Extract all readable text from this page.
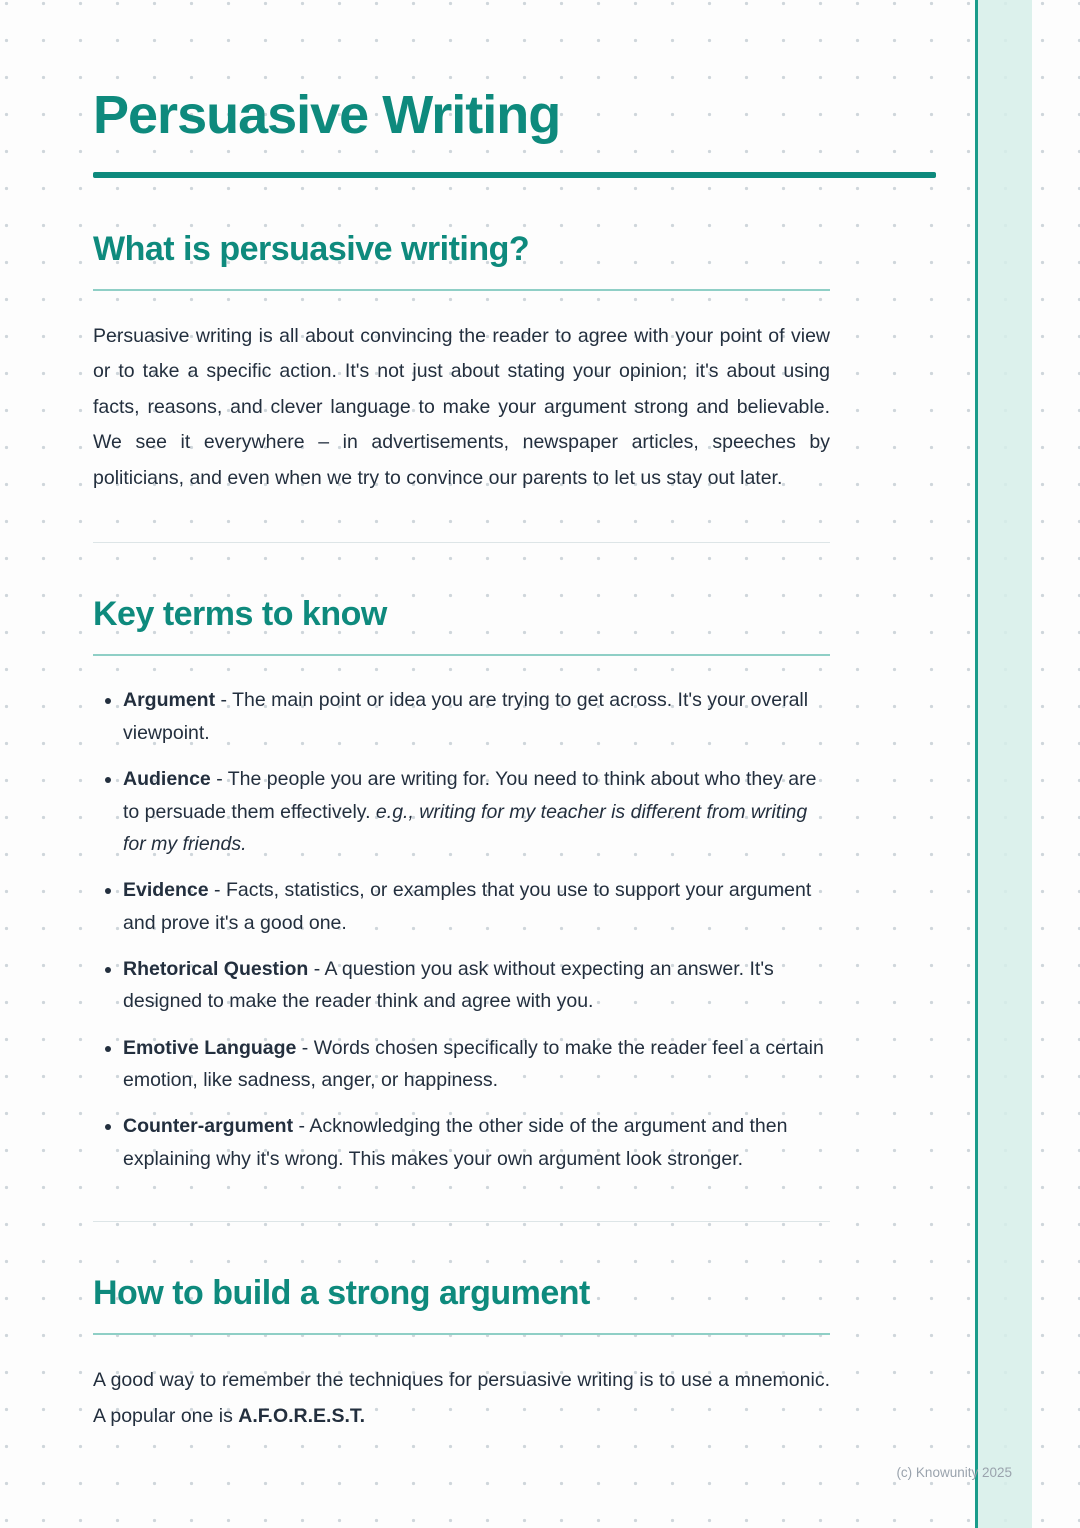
Persuasive Writing
What is persuasive writing?

Persuasive writing is all about convincing the reader to agree with your point of view or to take a specific action. It's not just about stating your opinion; it's about using facts, reasons, and clever language to make your argument strong and believable. We see it everywhere – in advertisements, newspaper articles, speeches by politicians, and even when we try to convince our parents to let us stay out later.

Key terms to know
• Argument - The main point or idea you are trying to get across. It's your overall viewpoint.
• Audience - The people you are writing for. You need to think about who they are to persuade them effectively. e.g., writing for my teacher is different from writing for my friends.
• Evidence - Facts, statistics, or examples that you use to support your argument and prove it's a good one.
• Rhetorical Question - A question you ask without expecting an answer. It's designed to make the reader think and agree with you.
• Emotive Language - Words chosen specifically to make the reader feel a certain emotion, like sadness, anger, or happiness.
• Counter-argument - Acknowledging the other side of the argument and then explaining why it's wrong. This makes your own argument look stronger.
How to build a strong argument

A good way to remember the techniques for persuasive writing is to use a mnemonic. A popular one is A.F.O.R.E.S.T.

(c) Knowunity 2025
